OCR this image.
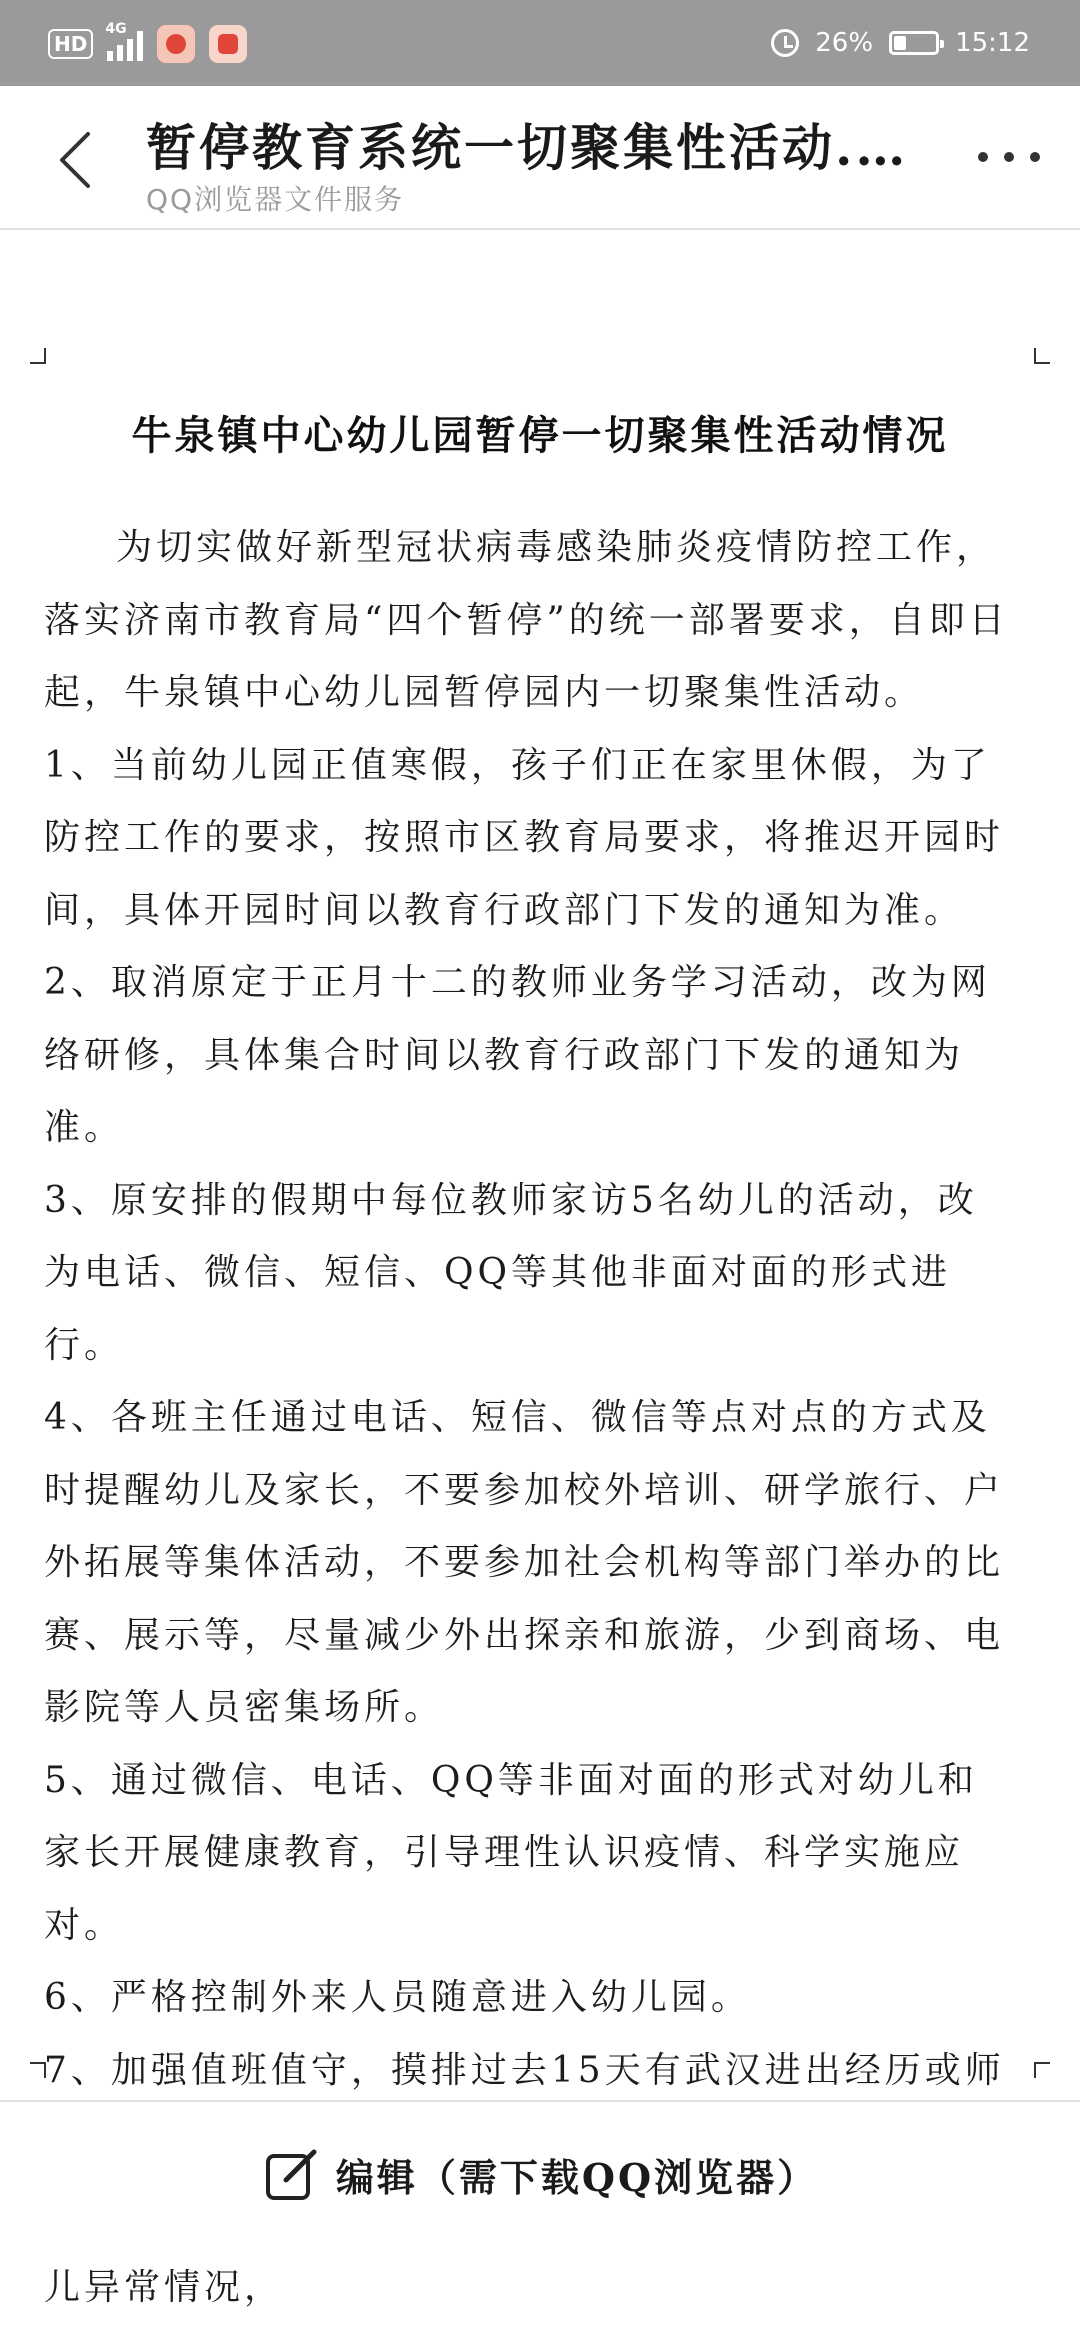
HD
4G	26%	15:12
暂停教育系统一切聚集性活动.…
QQ浏览器文件服务
牛泉镇中心幼儿园暂停一切聚集性活动情况

为切实做好新型冠状病毒感染肺炎疫情防控工作，落实济南市教育局“四个暂停”的统一部署要求，自即日起，牛泉镇中心幼儿园暂停园内一切聚集性活动。

1、当前幼儿园正值寒假，孩子们正在家里休假，为了防控工作的要求，按照市区教育局要求，将推迟开园时间，具体开园时间以教育行政部门下发的通知为准。

2、取消原定于正月十二的教师业务学习活动，改为网络研修，具体集合时间以教育行政部门下发的通知为准。

3、原安排的假期中每位教师家访5名幼儿的活动，改为电话、微信、短信、QQ等其他非面对面的形式进行。

4、各班主任通过电话、短信、微信等点对点的方式及时提醒幼儿及家长，不要参加校外培训、研学旅行、户外拓展等集体活动，不要参加社会机构等部门举办的比赛、展示等，尽量减少外出探亲和旅游，少到商场、电影院等人员密集场所。

5、通过微信、电话、QQ等非面对面的形式对幼儿和家长开展健康教育，引导理性认识疫情、科学实施应对。

6、严格控制外来人员随意进入幼儿园。

7、加强值班值守，摸排过去15天有武汉进出经历或师 儿异常情况，

编辑（需下载QQ浏览器）
